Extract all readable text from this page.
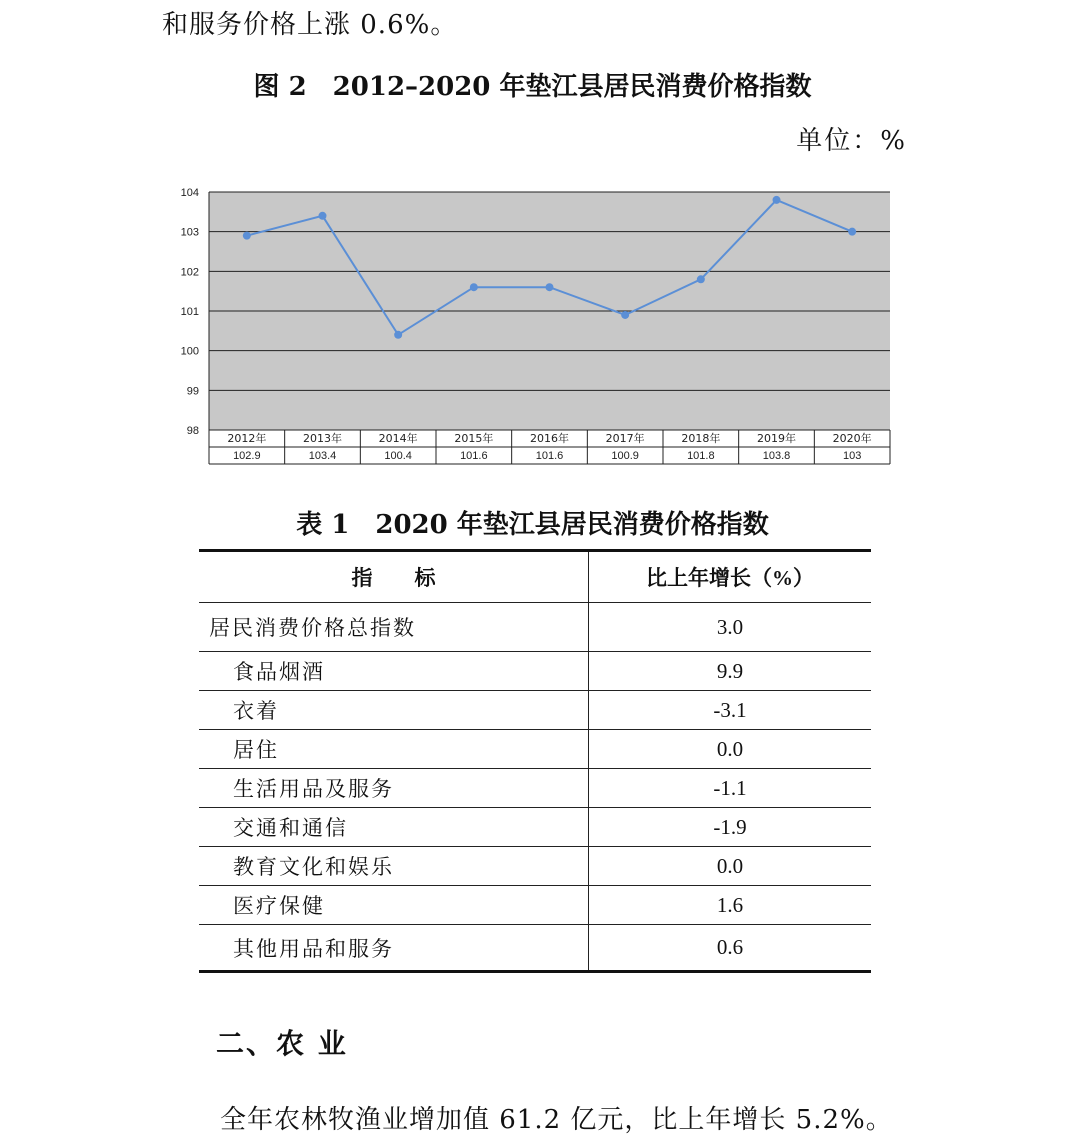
和服务价格上涨 0.6%。
图 2　2012–2020 年垫江县居民消费价格指数
单位：%
104
103
102
101
100
99
98
2012年
102.9
2013年
103.4
2014年
100.4
2015年
101.6
2016年
101.6
2017年
100.9
2018年
101.8
2019年
103.8
2020年
103
表 1　2020 年垫江县居民消费价格指数
指　　标	比上年增长（%）
居民消费价格总指数	3.0
食品烟酒	9.9
衣着	-3.1
居住	0.0
生活用品及服务	-1.1
交通和通信	-1.9
教育文化和娱乐	0.0
医疗保健	1.6
其他用品和服务	0.6
二、农 业
全年农林牧渔业增加值 61.2 亿元，比上年增长 5.2%。
